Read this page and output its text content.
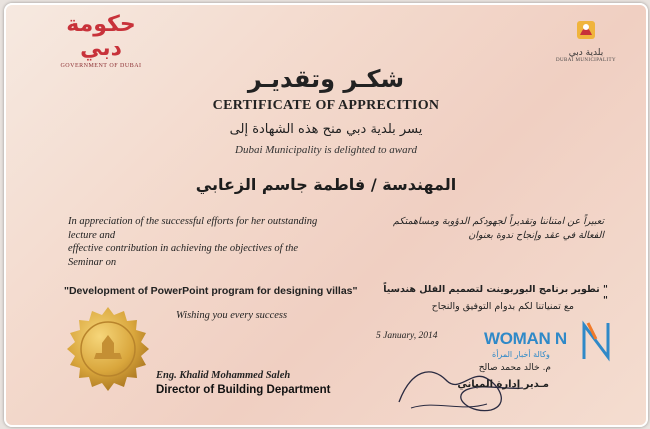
حكومة دبي
GOVERNMENT OF DUBAI
بلدية دبي
DUBAI MUNICIPALITY
شكـر وتقديـر
CERTIFICATE OF APPRECITION
يسر بلدية دبي منح هذه الشهادة إلى
Dubai Municipality is delighted to award
المهندسة / فاطمة جاسم الزعابي
In appreciation of the successful efforts for her outstanding
lecture and
effective contribution in achieving the objectives of the
Seminar on
تعبيراً عن امتناننا وتقديراً لجهودكم الدؤوبة ومساهمتكم
الفعالة في عقد وإنجاح ندوة بعنوان
"Development of PowerPoint program for designing villas"	" تطوير برنامج البوربوينت لتصميم الفلل هندسياً "
Wishing you every success
مع تمنياتنا لكم بدوام التوفيق والنجاح
5 January, 2014
Eng. Khalid Mohammed Saleh
Director of Building Department
م. خالد محمد صالح
مـدير إدارة المباني
WOMAN N
وكالة أخبار المرأة
